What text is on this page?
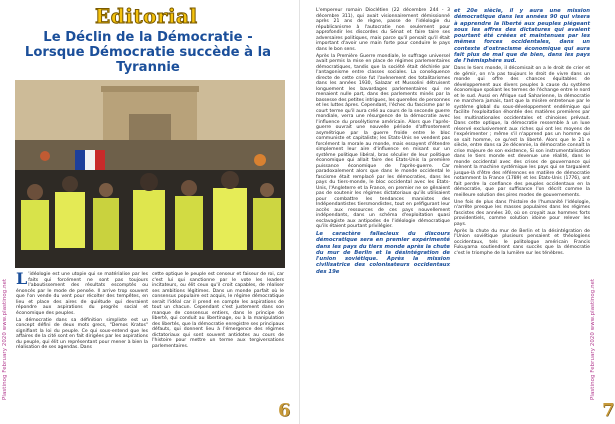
Plastinog February 2020 www.plastinog.net
Editorial
Le Déclin de la Démocratie - Lorsque Démocratie succède à la Tyrannie

L 'idéologie est une utopie qui se matérialise par les faits qui forcément ne sont pas toujours l'aboutissement des résultats escomptés ou énoncés par le mode de pensée. Il arrive trop souvent que l'on vende du vent pour récolter des tempêtes, en lieu et place des aires de quiétude qui devraient répondre aux aspirations du progrès social et économique des peuples.

La démocratie dans sa définition simpliste est un concept défini de deux mots grecs, "Demos Kratos" signifiant la loi du peuple. Ce qui sous-entend que les affaires de la cité sont en fait dirigées par les aspirations du peuple, qui élit un représentant pour mener à bien la réalisation de ses agendas. Dans

cette optique le peuple est censeur et faiseur de roi, car c'est lui qui sanctionne par le vote les leaders incitateurs, ou élit ceux qu'il croit capables, de réaliser ses ambitions légitimes. Dans un monde parfait où le consensus populaire est acquis, le régime démocratique serait l'idéal car il prend en compte les aspirations de tout un chacun. Cependant c'est justement dans son manque de consensus entiers, dans le principe de liberté, qui conduit au libertinage, ou à la manipulation des libertés, que la démocratie enregistre ses principaux défauts, qui donnent lieu à l'émergence des régimes dictatoriaux qui sont souvent antidotes au cours de l'histoire pour mettre un terme aux tergiversations parlementaires.

6	7

L'empereur romain Dioclétien (22 décembre 244 - 3 décembre 311), qui avait visionnairement démissionné après 21 ans de règne, passe de l'idéologie du républicanisme à l'autocratie non seulement pour approfondir les discordes du Sénat et faire taire ses adversaires politiques, mais parce qu'il pensait qu'il était important d'avoir une main forte pour conduire le pays dans le bon sens.

Après la Première Guerre mondiale, le suffrage universel avait permis la mise en place de régimes parlementaires démocratiques, tandis que la société était déchirée par l'antagonisme entre classes sociales. La conséquence directe de cette crise fut l'avènement des totalitarismes dans les années 1930, Salazar et Mussolini détruisent longuement les bavardages parlementaires qui ne menaient nulle part, dans des parlements minés par la bassesse des petites intrigues, les querelles de personnes et les luttes âpres. Cependant, l'échec du fascisme par le court terme qu'il aura créé au cours de la seconde guerre mondiale, verra une résurgence de la démocratie avec l'influence du prosélytisme américain. Alors que l'après-guerre ouvrait une nouvelle période d'affrontement asymétrique par la guerre froide entre le bloc communiste et capitaliste; les Etats-Unis ne vendent pas forcément la morale au monde, mais essayent d'étendre simplement leur aire d'influence en misant sur un système politique libéral, bras séculier de leur politique économique qui allait faire des Etats-Unis la première puissance économique de l'après-guerre. Car paradoxalement alors que dans le monde occidental le fascisme était remplacé par les démocraties, dans les pays du tiers-monde, le bloc occidental avec les Etats-Unis, l'Angleterre et la France, en premier ne se gênaient pas de soutenir les régimes dictatoriaux qu'ils utilisaient pour combattre les tendances marxistes des Indépendantistes tiersmondistes, tout en préfigurant leur accès aux ressources de ces pays nouvellement indépendants, dans un schéma d'exploitation quasi esclavagiste aux antipodes de l'idéologie démocratique qu'ils étaient pourtant privilégier.

Le caractère fallacieux du discours démocratique sera en premier expérimenté dans les pays du tiers monde après la chute du mur de Berlin et la désintégration de l'union soviétique. Après la mission civilisatrice des colonisateurs occidentaux des 19e

et 20e siècle, il y aura une mission démocratique dans les années 90 qui visera à apprendre la liberté aux peuples piégeant sous les affres des dictatures qui avaient pourtant été créées et maintenues par les mêmes forces occidentales, dans un contexte d'ostracisme économique qui aura fait plus de mal que de bien, dans les pays de l'hémisphère sud.

Dans le tiers monde, il décomisait on a le droit de crier et de gémir, on n'a pas toujours le droit de vivre dans un monde qui offre des chances équitables de développement aux divers peuples à cause du système économique spoliant les termes de l'échange entre le nord et le sud. Aussi en Afrique sud Saharienne, la démocratie ne marchera jamais, tant que la misère entretenue par le système global du sous-développement endémique qui facilite l'exploitation éhontée des matières premières par les multinationales occidentales et chinoises prévaut. Dans cette optique, la démocratie ressemble à un luxe réservé exclusivement aux riches qui ont les moyens de l'expérimenter ; même s'il n'apprend pas un homme qui se sait homme, ce qu'est la liberté. Alors que le 21 e siècle, entre dans sa 2e décennie, la démocratie connaît la crise majeure de son existence, Si son instrumentalisation dans le tiers monde est devenue une réalité, dans le monde occidental avec des crises de gouvernance qui mènent la machine systémique les pays qui se targuaient jusque-là d'être des références en matière de démocratie notamment la France (1789) et les Etats-Unis (1776), ont fait perdre la confiance des peuples occidentaux en la démocratie, que par suffisance l'on décrit comme la meilleure solution des pires modes de gouvernements.

Une fois de plus dans l'histoire de l'humanité l'idéologie, n'arrête presque les masses populaires dans les régimes fascistes des années 30, où on croyait aux hommes forts providentiels, comme solution idoine pour relever les pays.

Après la chute du mur de Berlin et la désintégration de l'Union soviétique plusieurs pensaient et théologiens occidentaux, tels le politologue américain Francis Fukuyama soutiendront sans succès que la démocratie c'est le triomphe de la lumière sur les ténèbres.

Plastinog February 2020 www.plastinog.net
